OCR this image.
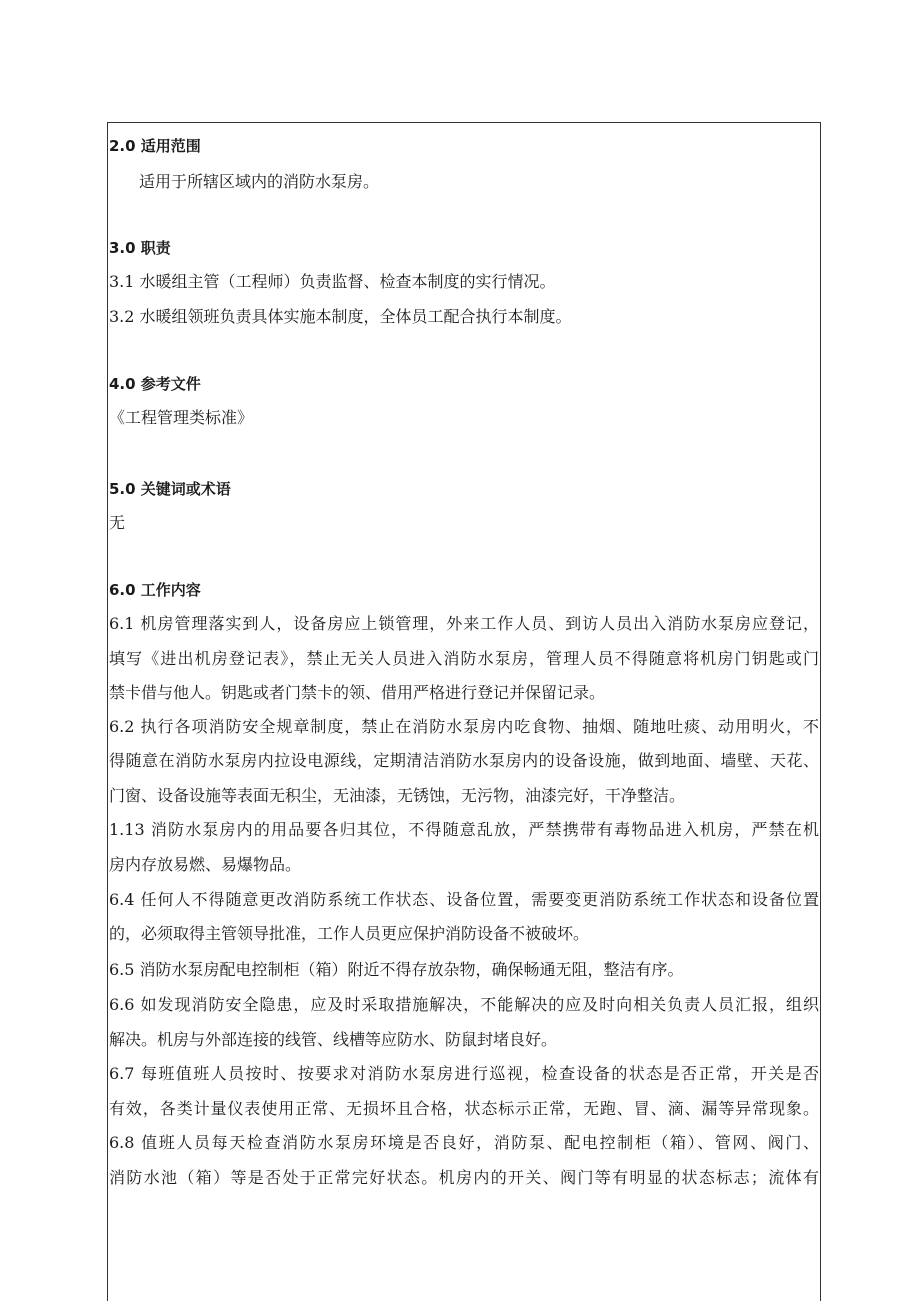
2.0 适用范围
适用于所辖区域内的消防水泵房。
3.0 职责
3.1 水暖组主管（工程师）负责监督、检查本制度的实行情况。
3.2 水暖组领班负责具体实施本制度，全体员工配合执行本制度。
4.0 参考文件
《工程管理类标准》
5.0 关键词或术语
无
6.0 工作内容
6.1 机房管理落实到人，设备房应上锁管理，外来工作人员、到访人员出入消防水泵房应登记，
填写《进出机房登记表》，禁止无关人员进入消防水泵房，管理人员不得随意将机房门钥匙或门
禁卡借与他人。钥匙或者门禁卡的领、借用严格进行登记并保留记录。
6.2 执行各项消防安全规章制度，禁止在消防水泵房内吃食物、抽烟、随地吐痰、动用明火，不
得随意在消防水泵房内拉设电源线，定期清洁消防水泵房内的设备设施，做到地面、墙壁、天花、
门窗、设备设施等表面无积尘，无油漆，无锈蚀，无污物，油漆完好，干净整洁。
1.13 消防水泵房内的用品要各归其位，不得随意乱放，严禁携带有毒物品进入机房，严禁在机
房内存放易燃、易爆物品。
6.4 任何人不得随意更改消防系统工作状态、设备位置，需要变更消防系统工作状态和设备位置
的，必须取得主管领导批准，工作人员更应保护消防设备不被破坏。
6.5 消防水泵房配电控制柜（箱）附近不得存放杂物，确保畅通无阻，整洁有序。
6.6 如发现消防安全隐患，应及时采取措施解决，不能解决的应及时向相关负责人员汇报，组织
解决。机房与外部连接的线管、线槽等应防水、防鼠封堵良好。
6.7 每班值班人员按时、按要求对消防水泵房进行巡视，检查设备的状态是否正常，开关是否
有效，各类计量仪表使用正常、无损坏且合格，状态标示正常，无跑、冒、滴、漏等异常现象。
6.8 值班人员每天检查消防水泵房环境是否良好，消防泵、配电控制柜（箱）、管网、阀门、
消防水池（箱）等是否处于正常完好状态。机房内的开关、阀门等有明显的状态标志；流体有
